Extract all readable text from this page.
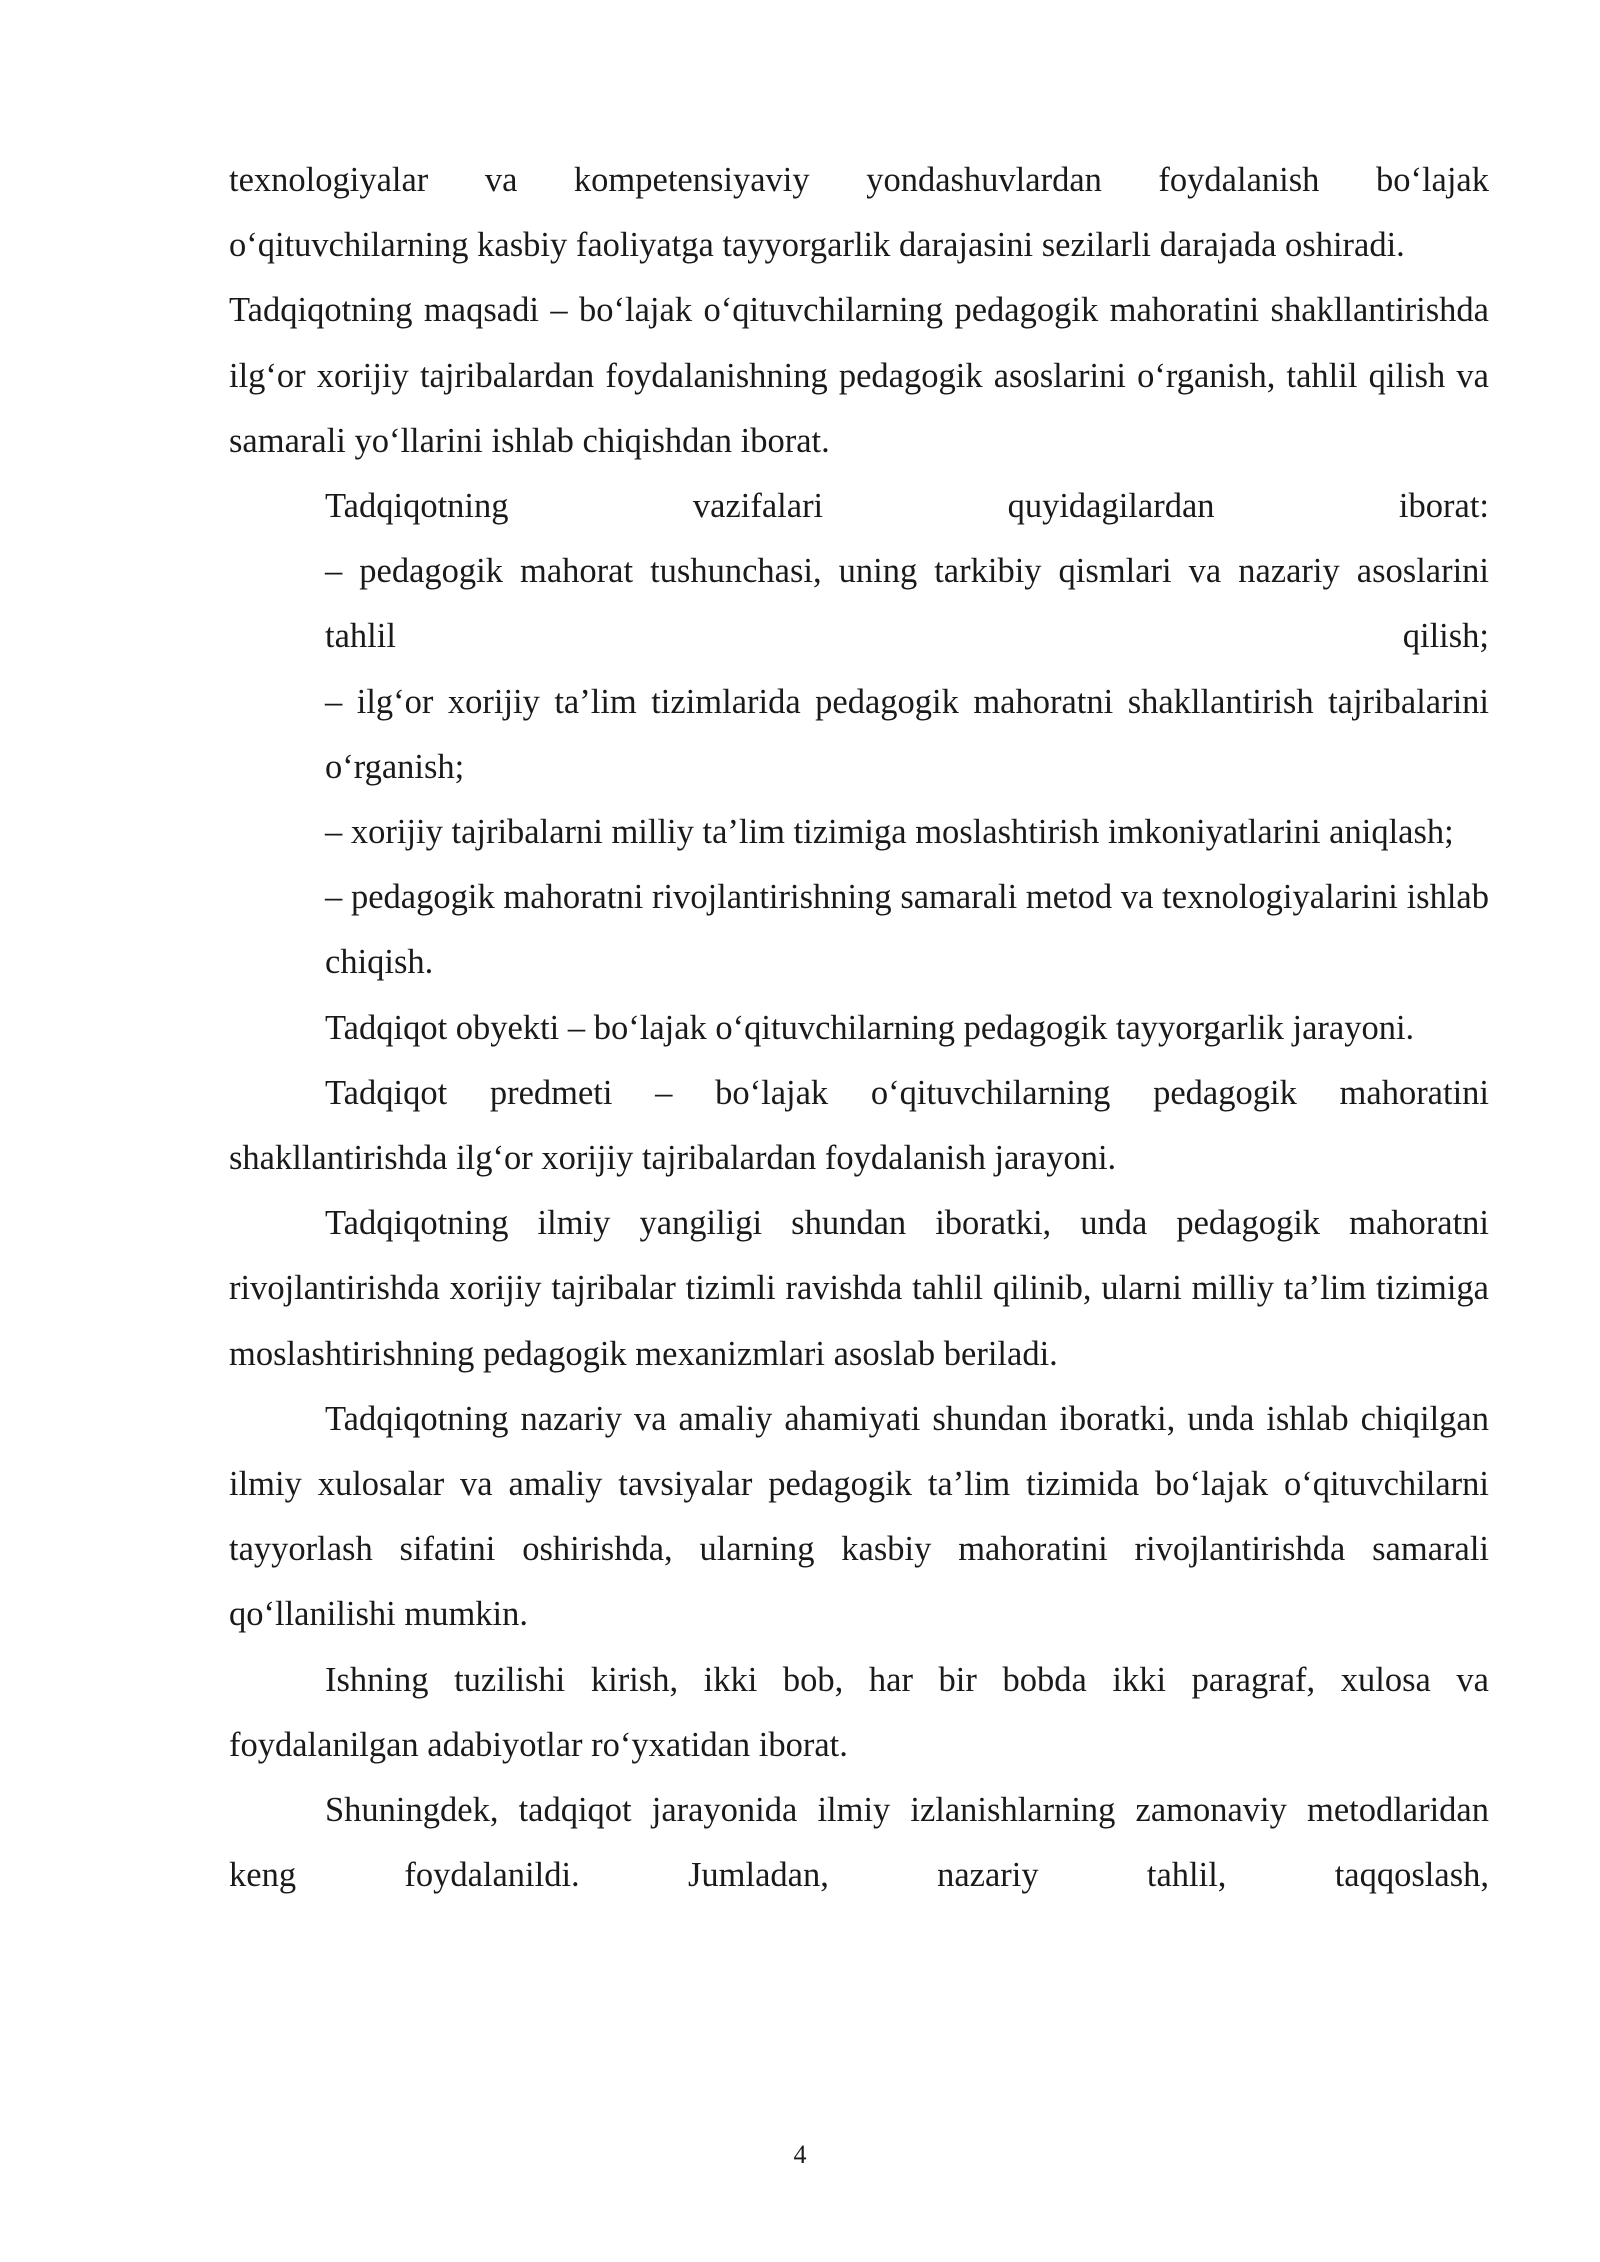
texnologiyalar va kompetensiyaviy yondashuvlardan foydalanish bo‘lajak o‘qituvchilarning kasbiy faoliyatga tayyorgarlik darajasini sezilarli darajada oshiradi.

Tadqiqotning maqsadi – bo‘lajak o‘qituvchilarning pedagogik mahoratini shakllantirishda ilg‘or xorijiy tajribalardan foydalanishning pedagogik asoslarini o‘rganish, tahlil qilish va samarali yo‘llarini ishlab chiqishdan iborat.

Tadqiqotning vazifalari quyidagilardan iborat:

– pedagogik mahorat tushunchasi, uning tarkibiy qismlari va nazariy asoslarini tahlil qilish;

– ilg‘or xorijiy ta’lim tizimlarida pedagogik mahoratni shakllantirish tajribalarini o‘rganish;

– xorijiy tajribalarni milliy ta’lim tizimiga moslashtirish imkoniyatlarini aniqlash;

– pedagogik mahoratni rivojlantirishning samarali metod va texnologiyalarini ishlab chiqish.

Tadqiqot obyekti – bo‘lajak o‘qituvchilarning pedagogik tayyorgarlik jarayoni.

Tadqiqot predmeti – bo‘lajak o‘qituvchilarning pedagogik mahoratini shakllantirishda ilg‘or xorijiy tajribalardan foydalanish jarayoni.

Tadqiqotning ilmiy yangiligi shundan iboratki, unda pedagogik mahoratni rivojlantirishda xorijiy tajribalar tizimli ravishda tahlil qilinib, ularni milliy ta’lim tizimiga moslashtirishning pedagogik mexanizmlari asoslab beriladi.

Tadqiqotning nazariy va amaliy ahamiyati shundan iboratki, unda ishlab chiqilgan ilmiy xulosalar va amaliy tavsiyalar pedagogik ta’lim tizimida bo‘lajak o‘qituvchilarni tayyorlash sifatini oshirishda, ularning kasbiy mahoratini rivojlantirishda samarali qo‘llanilishi mumkin.

Ishning tuzilishi kirish, ikki bob, har bir bobda ikki paragraf, xulosa va foydalanilgan adabiyotlar ro‘yxatidan iborat.

Shuningdek, tadqiqot jarayonida ilmiy izlanishlarning zamonaviy metodlaridan keng foydalanildi. Jumladan, nazariy tahlil, taqqoslash,

4
